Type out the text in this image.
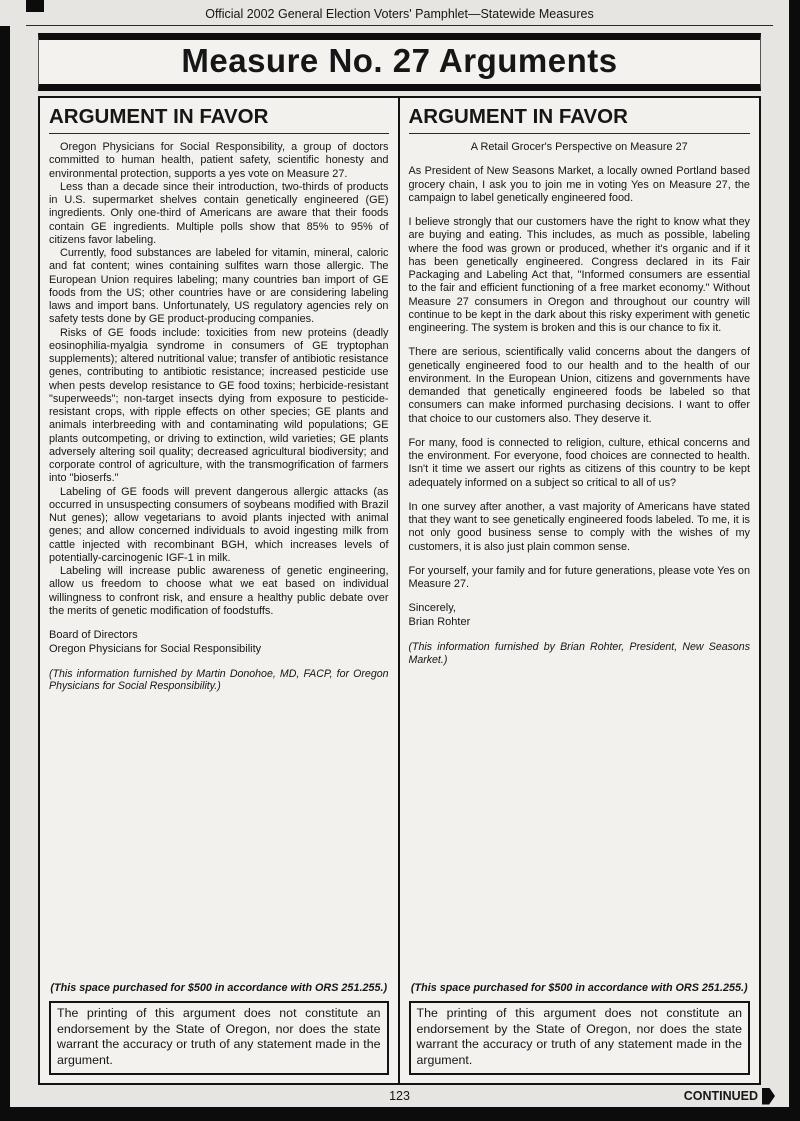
Official 2002 General Election Voters' Pamphlet—Statewide Measures
Measure No. 27 Arguments
ARGUMENT IN FAVOR

Oregon Physicians for Social Responsibility, a group of doctors committed to human health, patient safety, scientific honesty and environmental protection, supports a yes vote on Measure 27.

Less than a decade since their introduction, two-thirds of products in U.S. supermarket shelves contain genetically engineered (GE) ingredients. Only one-third of Americans are aware that their foods contain GE ingredients. Multiple polls show that 85% to 95% of citizens favor labeling.

Currently, food substances are labeled for vitamin, mineral, caloric and fat content; wines containing sulfites warn those allergic. The European Union requires labeling; many countries ban import of GE foods from the US; other countries have or are considering labeling laws and import bans. Unfortunately, US regulatory agencies rely on safety tests done by GE product-producing companies.

Risks of GE foods include: toxicities from new proteins (deadly eosinophilia-myalgia syndrome in consumers of GE tryptophan supplements); altered nutritional value; transfer of antibiotic resistance genes, contributing to antibiotic resistance; increased pesticide use when pests develop resistance to GE food toxins; herbicide-resistant "superweeds"; non-target insects dying from exposure to pesticide-resistant crops, with ripple effects on other species; GE plants and animals interbreeding with and contaminating wild populations; GE plants outcompeting, or driving to extinction, wild varieties; GE plants adversely altering soil quality; decreased agricultural biodiversity; and corporate control of agriculture, with the transmogrification of farmers into "bioserfs."

Labeling of GE foods will prevent dangerous allergic attacks (as occurred in unsuspecting consumers of soybeans modified with Brazil Nut genes); allow vegetarians to avoid plants injected with animal genes; and allow concerned individuals to avoid ingesting milk from cattle injected with recombinant BGH, which increases levels of potentially-carcinogenic IGF-1 in milk.

Labeling will increase public awareness of genetic engineering, allow us freedom to choose what we eat based on individual willingness to confront risk, and ensure a healthy public debate over the merits of genetic modification of foodstuffs.

Board of Directors
Oregon Physicians for Social Responsibility
(This information furnished by Martin Donohoe, MD, FACP, for Oregon Physicians for Social Responsibility.)
(This space purchased for $500 in accordance with ORS 251.255.)
The printing of this argument does not constitute an endorsement by the State of Oregon, nor does the state warrant the accuracy or truth of any statement made in the argument.
ARGUMENT IN FAVOR

A Retail Grocer's Perspective on Measure 27

As President of New Seasons Market, a locally owned Portland based grocery chain, I ask you to join me in voting Yes on Measure 27, the campaign to label genetically engineered food.

I believe strongly that our customers have the right to know what they are buying and eating. This includes, as much as possible, labeling where the food was grown or produced, whether it's organic and if it has been genetically engineered. Congress declared in its Fair Packaging and Labeling Act that, "Informed consumers are essential to the fair and efficient functioning of a free market economy." Without Measure 27 consumers in Oregon and throughout our country will continue to be kept in the dark about this risky experiment with genetic engineering. The system is broken and this is our chance to fix it.

There are serious, scientifically valid concerns about the dangers of genetically engineered food to our health and to the health of our environment. In the European Union, citizens and governments have demanded that genetically engineered foods be labeled so that consumers can make informed purchasing decisions. I want to offer that choice to our customers also. They deserve it.

For many, food is connected to religion, culture, ethical concerns and the environment. For everyone, food choices are connected to health. Isn't it time we assert our rights as citizens of this country to be kept adequately informed on a subject so critical to all of us?

In one survey after another, a vast majority of Americans have stated that they want to see genetically engineered foods labeled. To me, it is not only good business sense to comply with the wishes of my customers, it is also just plain common sense.

For yourself, your family and for future generations, please vote Yes on Measure 27.

Sincerely,
Brian Rohter
(This information furnished by Brian Rohter, President, New Seasons Market.)
(This space purchased for $500 in accordance with ORS 251.255.)
The printing of this argument does not constitute an endorsement by the State of Oregon, nor does the state warrant the accuracy or truth of any statement made in the argument.
123	CONTINUED
